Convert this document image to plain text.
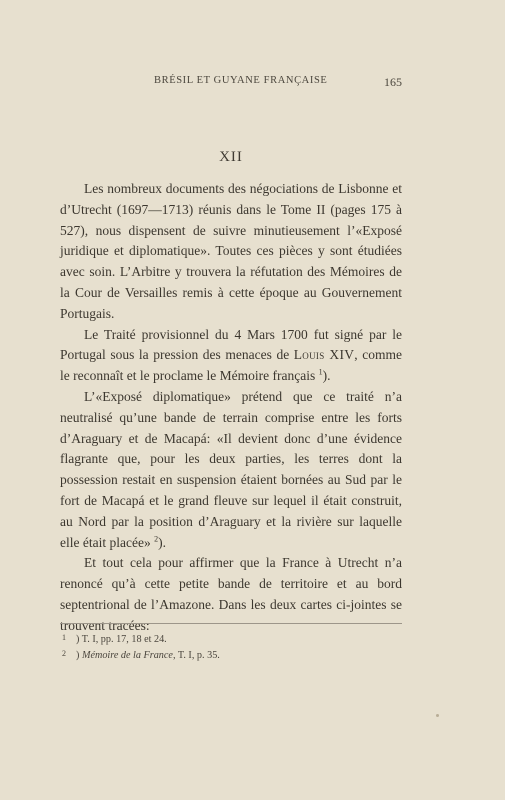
BRÉSIL ET GUYANE FRANÇAISE	165
XII

Les nombreux documents des négociations de Lisbonne et d’Utrecht (1697—1713) réunis dans le Tome II (pages 175 à 527), nous dispensent de suivre minutieusement l’«Exposé juridique et diplomatique». Toutes ces pièces y sont étudiées avec soin. L’Arbitre y trouvera la réfutation des Mémoires de la Cour de Versailles remis à cette époque au Gouvernement Portugais.

Le Traité provisionnel du 4 Mars 1700 fut signé par le Portugal sous la pression des menaces de Louis XIV, comme le reconnaît et le proclame le Mémoire français $^1$).

L’«Exposé diplomatique» prétend que ce traité n’a neutralisé qu’une bande de terrain comprise entre les forts d’Araguary et de Macapá: «Il devient donc d’une évidence flagrante que, pour les deux parties, les terres dont la possession restait en suspension étaient bornées au Sud par le fort de Macapá et le grand fleuve sur lequel il était construit, au Nord par la position d’Araguary et la rivière sur laquelle elle était placée» $^2$).

Et tout cela pour affirmer que la France à Utrecht n’a renoncé qu’à cette petite bande de territoire et au bord septentrional de l’Amazone. Dans les deux cartes ci-jointes se trouvent tracées:

1 ) T. I, pp. 17, 18 et 24.
2 ) Mémoire de la France, T. I, p. 35.
